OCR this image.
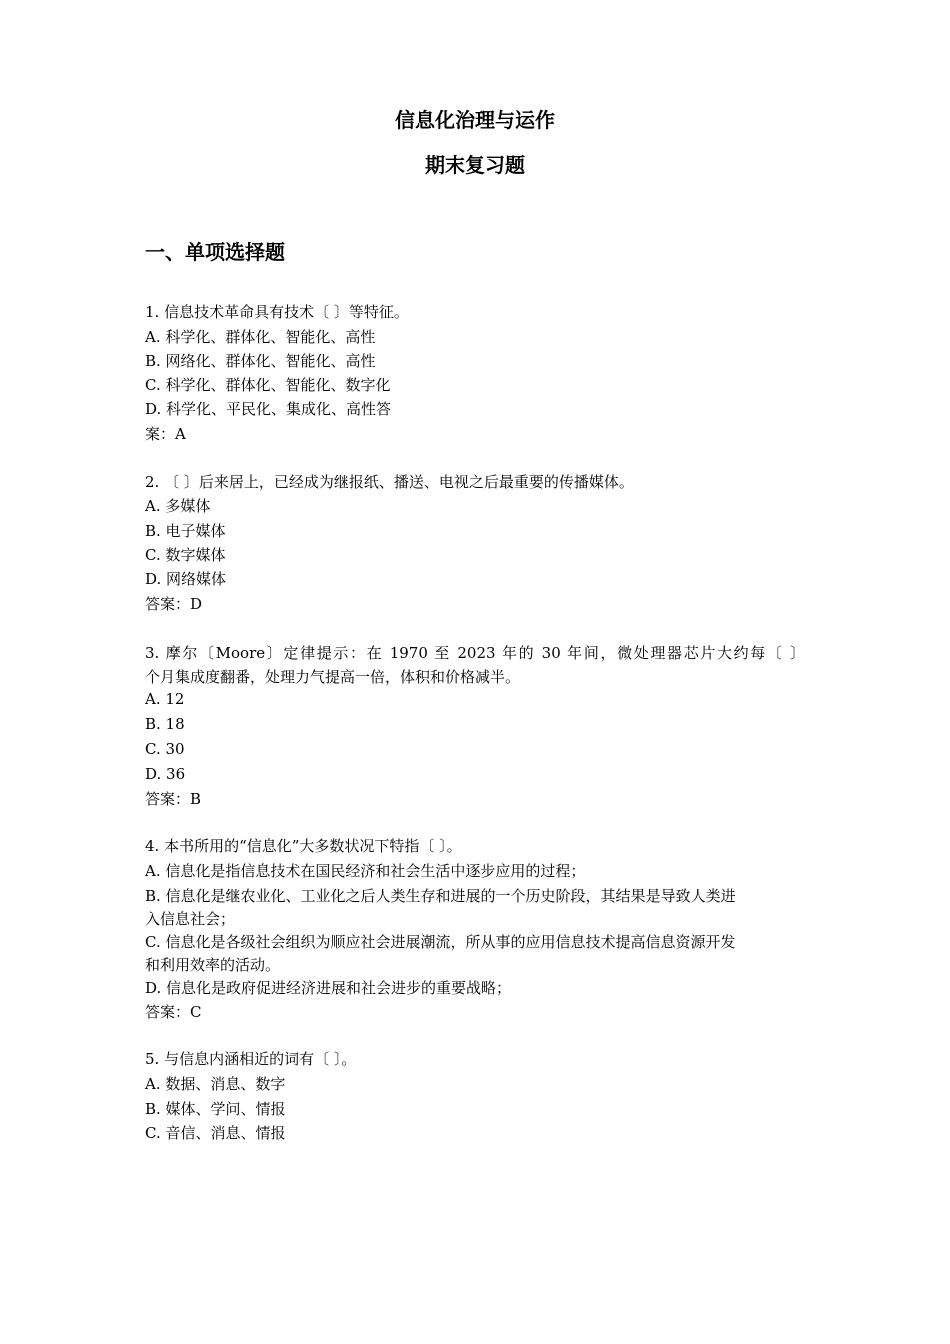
信息化治理与运作
期末复习题
一、单项选择题
1. 信息技术革命具有技术〔 〕等特征。
A. 科学化、群体化、智能化、高性
B. 网络化、群体化、智能化、高性
C. 科学化、群体化、智能化、数字化
D. 科学化、平民化、集成化、高性答
案：A
2. 〔 〕后来居上，已经成为继报纸、播送、电视之后最重要的传播媒体。
A. 多媒体
B. 电子媒体
C. 数字媒体
D. 网络媒体
答案：D
3. 摩尔〔Moore〕定律提示：在 1970 至 2023 年的 30 年间，微处理器芯片大约每〔 〕
个月集成度翻番，处理力气提高一倍，体积和价格减半。
A. 12
B. 18
C. 30
D. 36
答案：B
4. 本书所用的“信息化”大多数状况下特指〔 〕。
A. 信息化是指信息技术在国民经济和社会生活中逐步应用的过程；
B. 信息化是继农业化、工业化之后人类生存和进展的一个历史阶段，其结果是导致人类进
入信息社会；
C. 信息化是各级社会组织为顺应社会进展潮流，所从事的应用信息技术提高信息资源开发
和利用效率的活动。
D. 信息化是政府促进经济进展和社会进步的重要战略；
答案：C
5. 与信息内涵相近的词有〔 〕。
A. 数据、消息、数字
B. 媒体、学问、情报
C. 音信、消息、情报
